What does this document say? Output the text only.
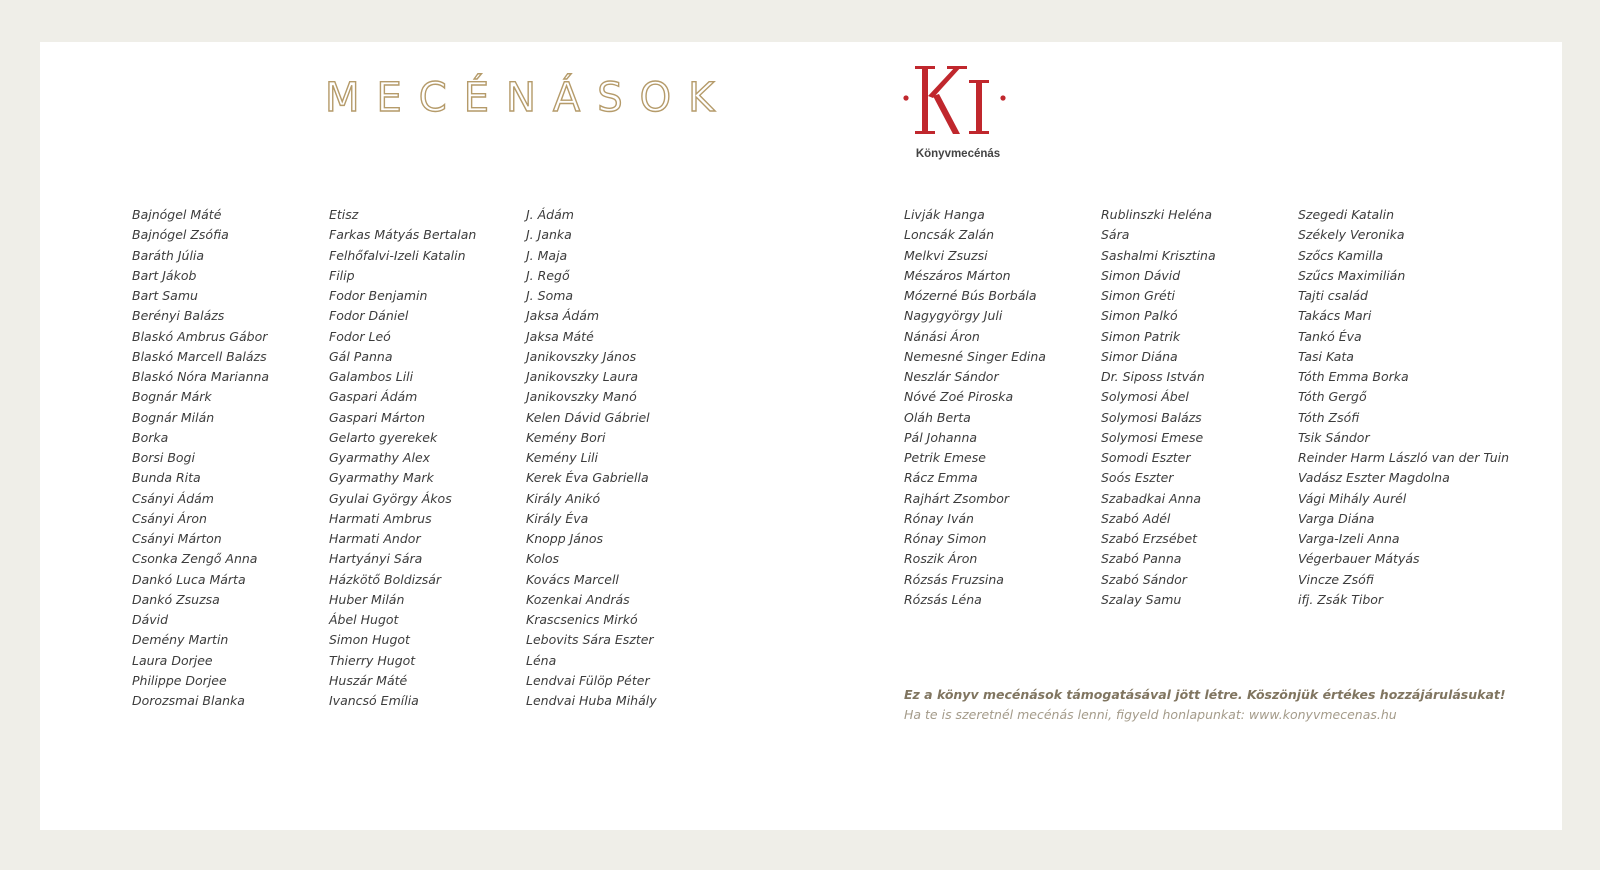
MECÉNÁSOK
Könyvmecénás
Bajnógel Máté
Bajnógel Zsófia
Baráth Júlia
Bart Jákob
Bart Samu
Berényi Balázs
Blaskó Ambrus Gábor
Blaskó Marcell Balázs
Blaskó Nóra Marianna
Bognár Márk
Bognár Milán
Borka
Borsi Bogi
Bunda Rita
Csányi Ádám
Csányi Áron
Csányi Márton
Csonka Zengő Anna
Dankó Luca Márta
Dankó Zsuzsa
Dávid
Demény Martin
Laura Dorjee
Philippe Dorjee
Dorozsmai Blanka
Etisz
Farkas Mátyás Bertalan
Felhőfalvi-Izeli Katalin
Filip
Fodor Benjamin
Fodor Dániel
Fodor Leó
Gál Panna
Galambos Lili
Gaspari Ádám
Gaspari Márton
Gelarto gyerekek
Gyarmathy Alex
Gyarmathy Mark
Gyulai György Ákos
Harmati Ambrus
Harmati Andor
Hartyányi Sára
Házkötő Boldizsár
Huber Milán
Ábel Hugot
Simon Hugot
Thierry Hugot
Huszár Máté
Ivancsó Emília
J. Ádám
J. Janka
J. Maja
J. Regő
J. Soma
Jaksa Ádám
Jaksa Máté
Janikovszky János
Janikovszky Laura
Janikovszky Manó
Kelen Dávid Gábriel
Kemény Bori
Kemény Lili
Kerek Éva Gabriella
Király Anikó
Király Éva
Knopp János
Kolos
Kovács Marcell
Kozenkai András
Krascsenics Mirkó
Lebovits Sára Eszter
Léna
Lendvai Fülöp Péter
Lendvai Huba Mihály
Livják Hanga
Loncsák Zalán
Melkvi Zsuzsi
Mészáros Márton
Mózerné Bús Borbála
Nagygyörgy Juli
Nánási Áron
Nemesné Singer Edina
Neszlár Sándor
Nóvé Zoé Piroska
Oláh Berta
Pál Johanna
Petrik Emese
Rácz Emma
Rajhárt Zsombor
Rónay Iván
Rónay Simon
Roszik Áron
Rózsás Fruzsina
Rózsás Léna
Rublinszki Heléna
Sára
Sashalmi Krisztina
Simon Dávid
Simon Gréti
Simon Palkó
Simon Patrik
Simor Diána
Dr. Siposs István
Solymosi Ábel
Solymosi Balázs
Solymosi Emese
Somodi Eszter
Soós Eszter
Szabadkai Anna
Szabó Adél
Szabó Erzsébet
Szabó Panna
Szabó Sándor
Szalay Samu
Szegedi Katalin
Székely Veronika
Szőcs Kamilla
Szűcs Maximilián
Tajti család
Takács Mari
Tankó Éva
Tasi Kata
Tóth Emma Borka
Tóth Gergő
Tóth Zsófi
Tsik Sándor
Reinder Harm László van der Tuin
Vadász Eszter Magdolna
Vági Mihály Aurél
Varga Diána
Varga-Izeli Anna
Végerbauer Mátyás
Vincze Zsófi
ifj. Zsák Tibor

Ez a könyv mecénások támogatásával jött létre. Köszönjük értékes hozzájárulásukat!

Ha te is szeretnél mecénás lenni, figyeld honlapunkat: www.konyvmecenas.hu
